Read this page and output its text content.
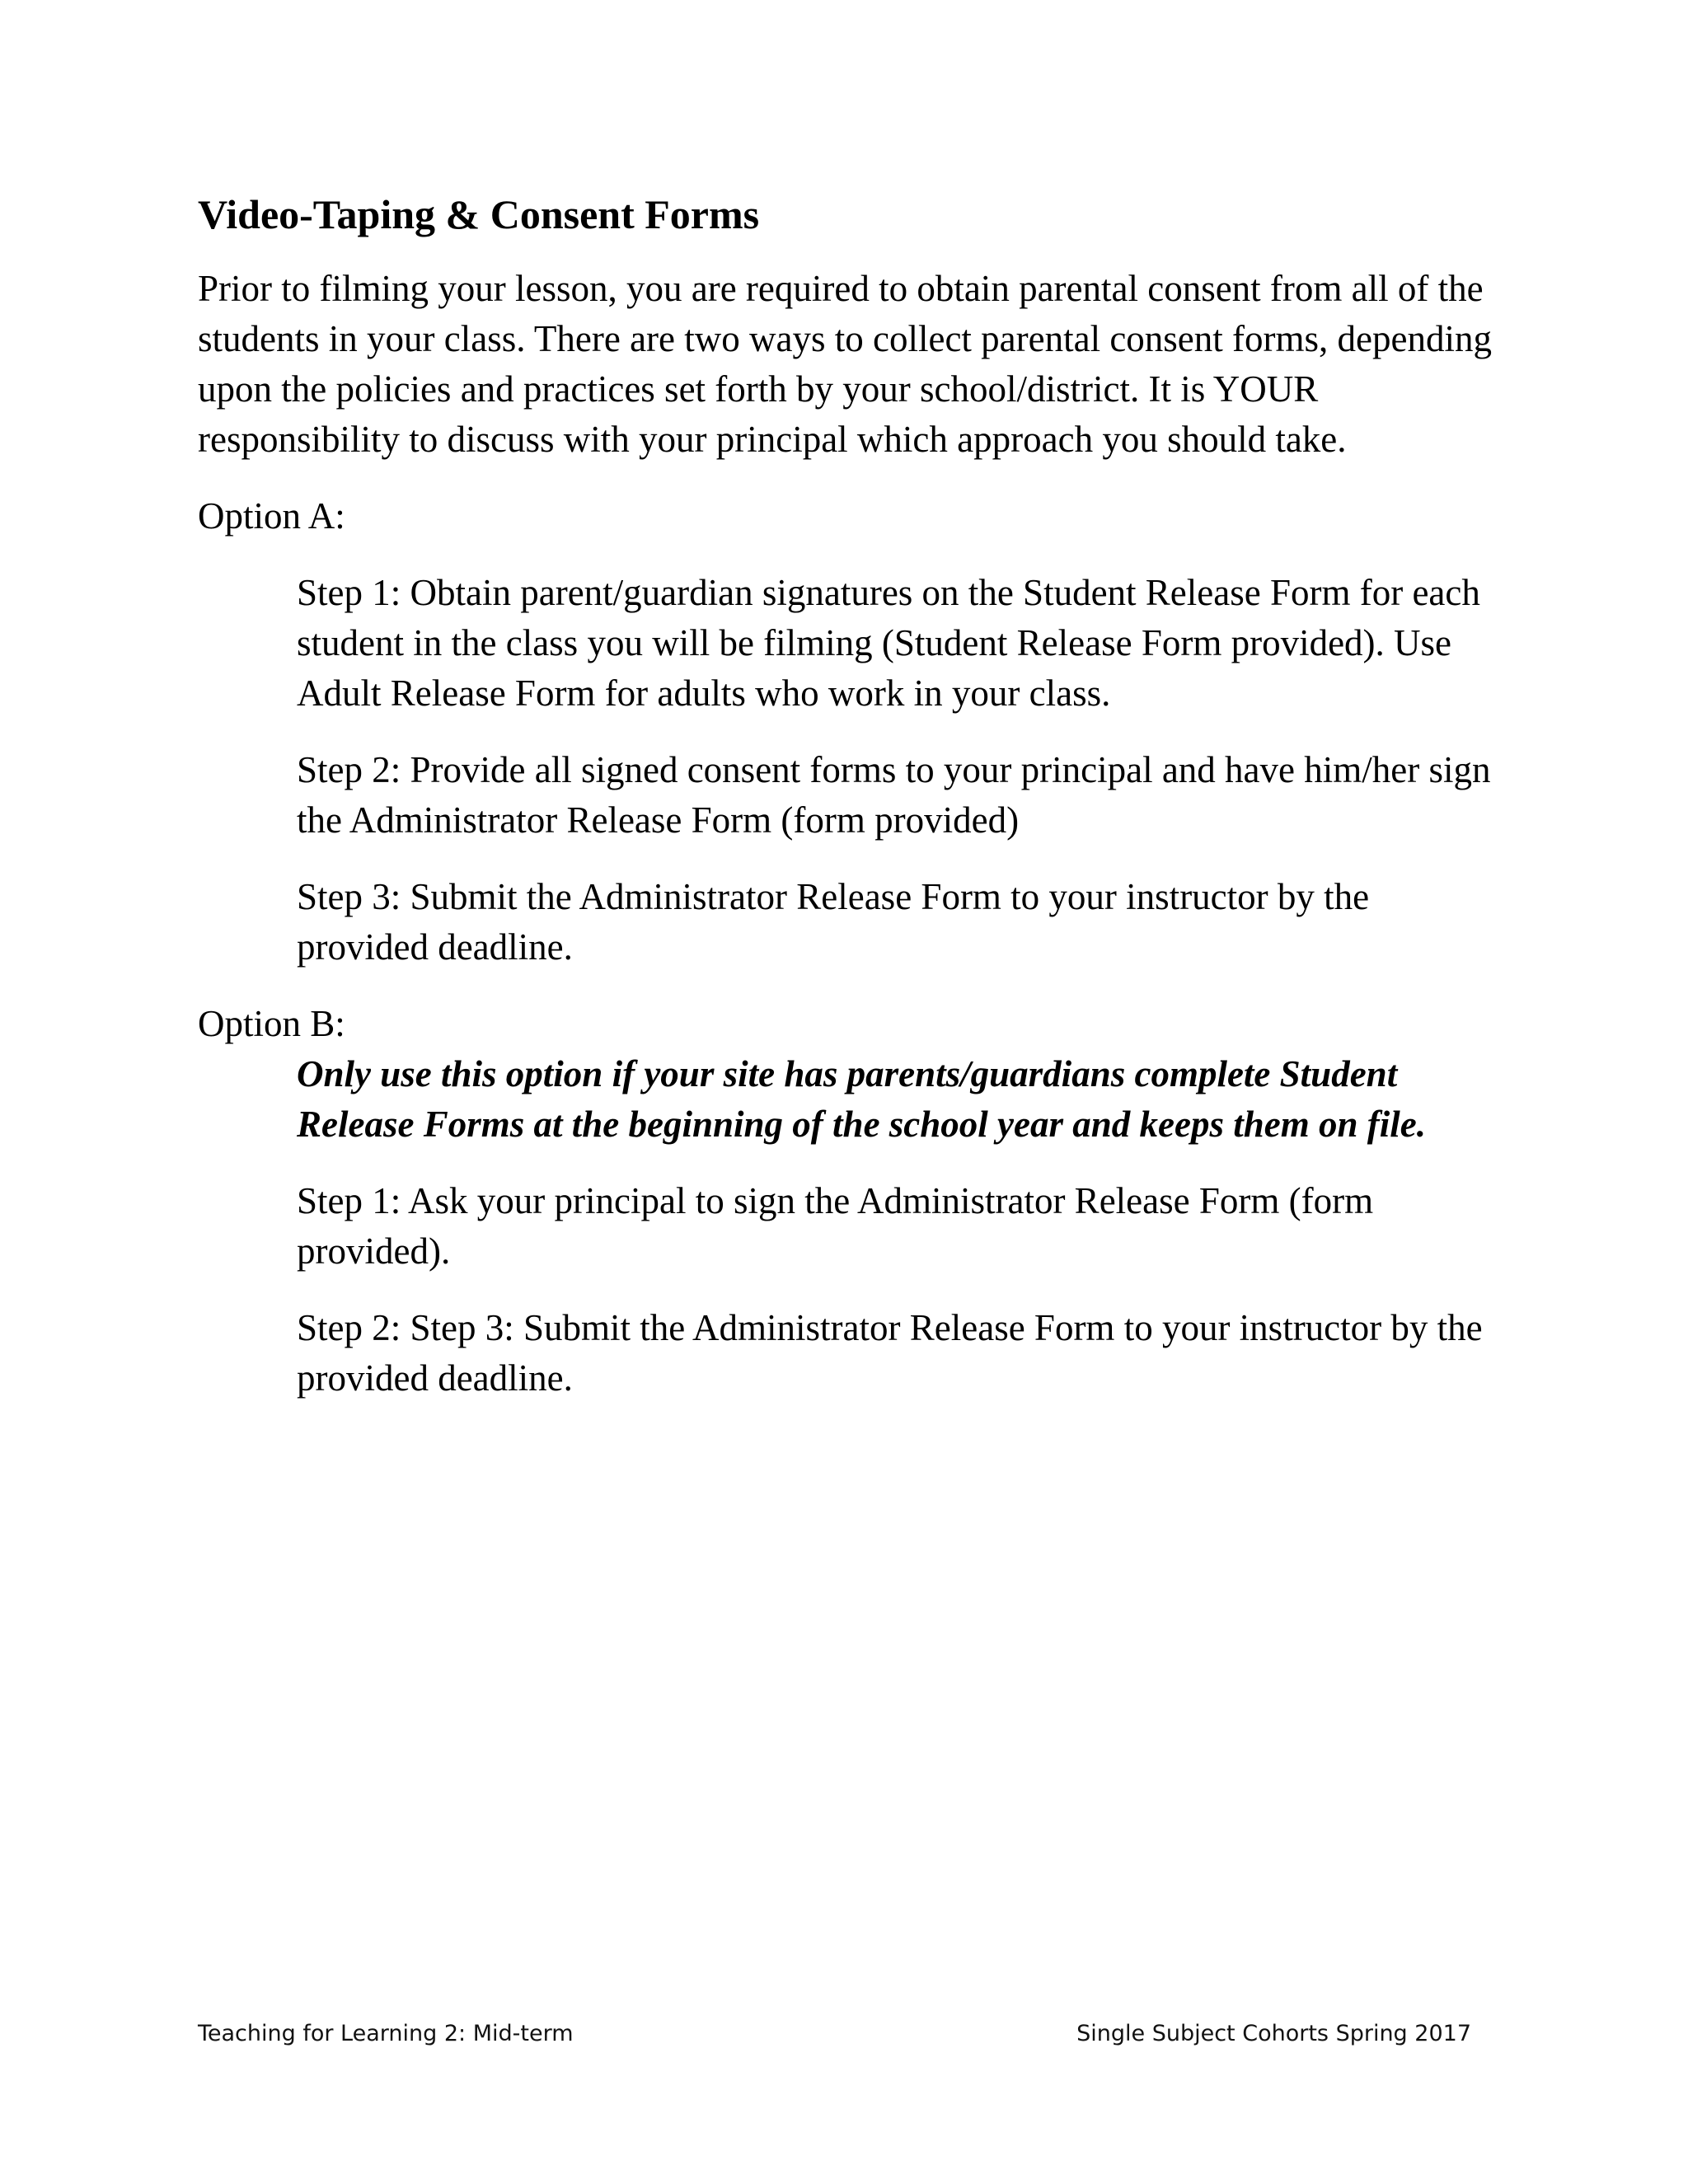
Video-Taping & Consent Forms

Prior to filming your lesson, you are required to obtain parental consent from all of the students in your class. There are two ways to collect parental consent forms, depending upon the policies and practices set forth by your school/district. It is YOUR responsibility to discuss with your principal which approach you should take.

Option A:

Step 1: Obtain parent/guardian signatures on the Student Release Form for each student in the class you will be filming (Student Release Form provided). Use Adult Release Form for adults who work in your class.

Step 2: Provide all signed consent forms to your principal and have him/her sign the Administrator Release Form (form provided)

Step 3: Submit the Administrator Release Form to your instructor by the provided deadline.

Option B:

Only use this option if your site has parents/guardians complete Student Release Forms at the beginning of the school year and keeps them on file.

Step 1: Ask your principal to sign the Administrator Release Form (form provided).

Step 2: Step 3: Submit the Administrator Release Form to your instructor by the provided deadline.

Teaching for Learning 2: Mid-term	Single Subject Cohorts Spring 2017
